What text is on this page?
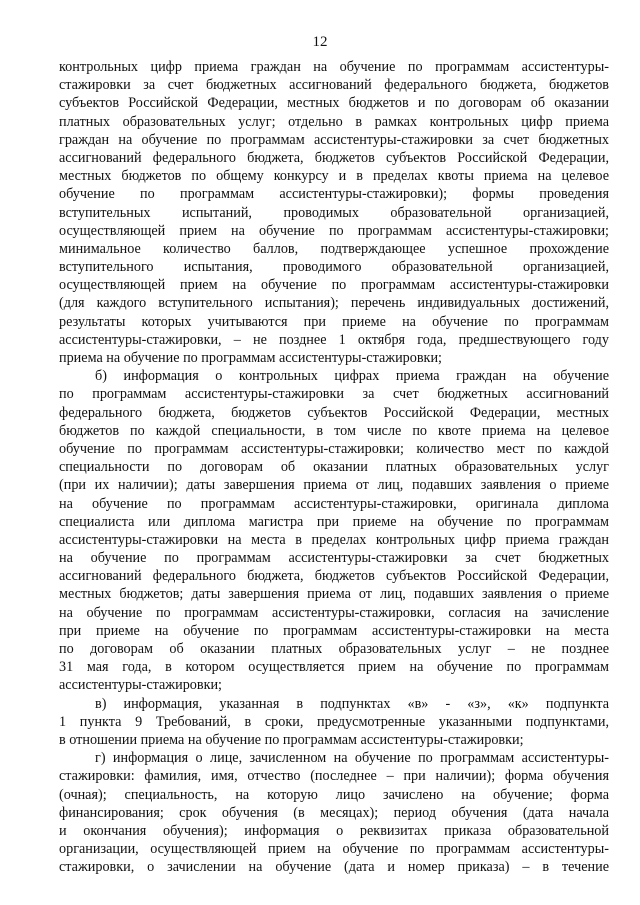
12
контрольных цифр приема граждан на обучение по программам ассистентуры-
стажировки за счет бюджетных ассигнований федерального бюджета, бюджетов
субъектов Российской Федерации, местных бюджетов и по договорам об оказании
платных образовательных услуг; отдельно в рамках контрольных цифр приема
граждан на обучение по программам ассистентуры-стажировки за счет бюджетных
ассигнований федерального бюджета, бюджетов субъектов Российской Федерации,
местных бюджетов по общему конкурсу и в пределах квоты приема на целевое
обучение по программам ассистентуры-стажировки); формы проведения
вступительных испытаний, проводимых образовательной организацией,
осуществляющей прием на обучение по программам ассистентуры-стажировки;
минимальное количество баллов, подтверждающее успешное прохождение
вступительного испытания, проводимого образовательной организацией,
осуществляющей прием на обучение по программам ассистентуры-стажировки
(для каждого вступительного испытания); перечень индивидуальных достижений,
результаты которых учитываются при приеме на обучение по программам
ассистентуры-стажировки, – не позднее 1 октября года, предшествующего году
приема на обучение по программам ассистентуры-стажировки;
б) информация о контрольных цифрах приема граждан на обучение
по программам ассистентуры-стажировки за счет бюджетных ассигнований
федерального бюджета, бюджетов субъектов Российской Федерации, местных
бюджетов по каждой специальности, в том числе по квоте приема на целевое
обучение по программам ассистентуры-стажировки; количество мест по каждой
специальности по договорам об оказании платных образовательных услуг
(при их наличии); даты завершения приема от лиц, подавших заявления о приеме
на обучение по программам ассистентуры-стажировки, оригинала диплома
специалиста или диплома магистра при приеме на обучение по программам
ассистентуры-стажировки на места в пределах контрольных цифр приема граждан
на обучение по программам ассистентуры-стажировки за счет бюджетных
ассигнований федерального бюджета, бюджетов субъектов Российской Федерации,
местных бюджетов; даты завершения приема от лиц, подавших заявления о приеме
на обучение по программам ассистентуры-стажировки, согласия на зачисление
при приеме на обучение по программам ассистентуры-стажировки на места
по договорам об оказании платных образовательных услуг – не позднее
31 мая года, в котором осуществляется прием на обучение по программам
ассистентуры-стажировки;
в) информация, указанная в подпунктах «в» - «з», «к» подпункта
1 пункта 9 Требований, в сроки, предусмотренные указанными подпунктами,
в отношении приема на обучение по программам ассистентуры-стажировки;
г) информация о лице, зачисленном на обучение по программам ассистентуры-
стажировки: фамилия, имя, отчество (последнее – при наличии); форма обучения
(очная); специальность, на которую лицо зачислено на обучение; форма
финансирования; срок обучения (в месяцах); период обучения (дата начала
и окончания обучения); информация о реквизитах приказа образовательной
организации, осуществляющей прием на обучение по программам ассистентуры-
стажировки, о зачислении на обучение (дата и номер приказа) – в течение
